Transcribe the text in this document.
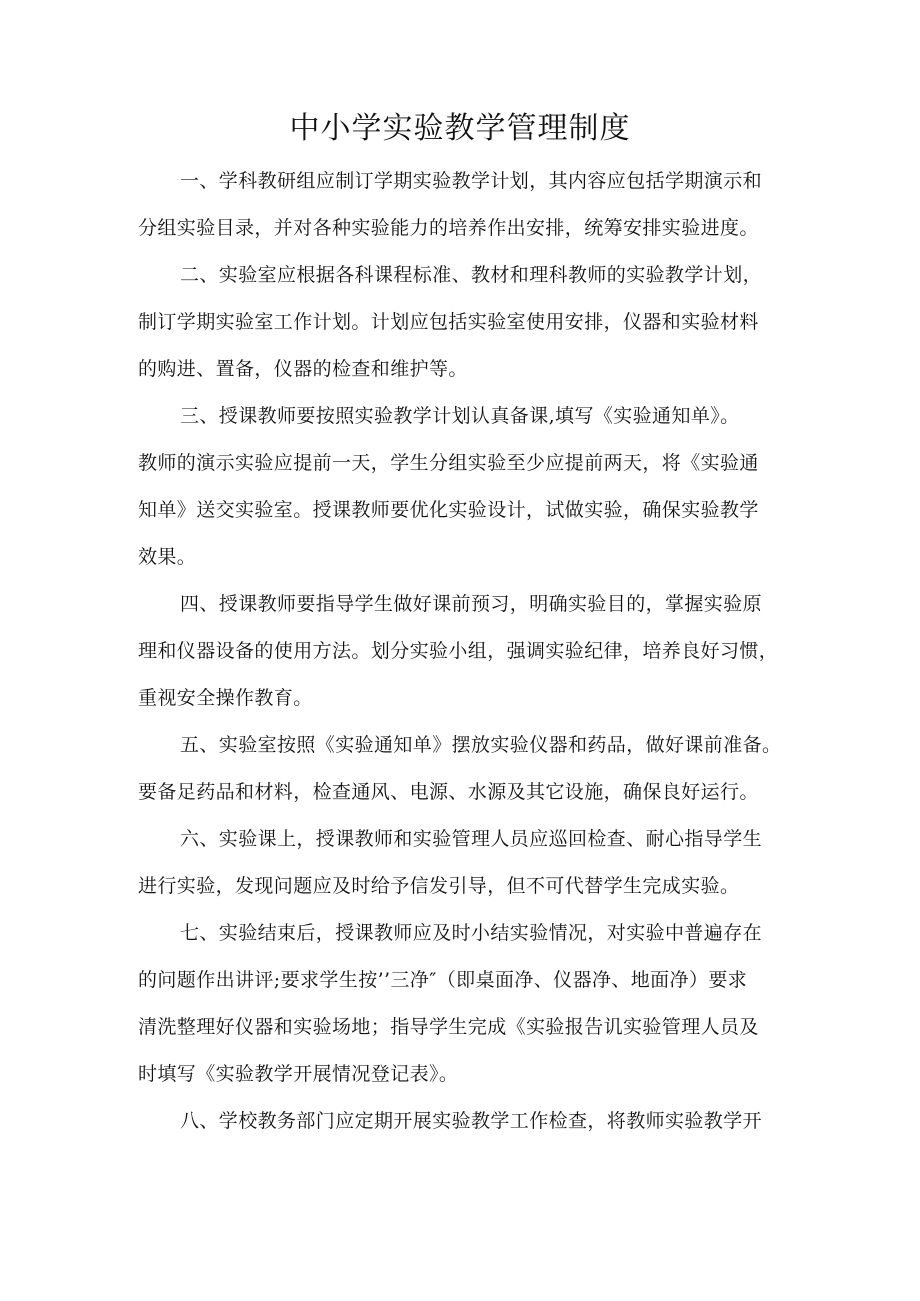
中小学实验教学管理制度
一、学科教研组应制订学期实验教学计划，其内容应包括学期演示和
分组实验目录，并对各种实验能力的培养作出安排，统筹安排实验进度。
二、实验室应根据各科课程标准、教材和理科教师的实验教学计划，
制订学期实验室工作计划。计划应包括实验室使用安排，仪器和实验材料
的购进、置备，仪器的检查和维护等。
三、授课教师要按照实验教学计划认真备课,填写《实验通知单》。
教师的演示实验应提前一天，学生分组实验至少应提前两天，将《实验通
知单》送交实验室。授课教师要优化实验设计，试做实验，确保实验教学
效果。
四、授课教师要指导学生做好课前预习，明确实验目的，掌握实验原
理和仪器设备的使用方法。划分实验小组，强调实验纪律，培养良好习惯，
重视安全操作教育。
五、实验室按照《实验通知单》摆放实验仪器和药品，做好课前准备。
要备足药品和材料，检查通风、电源、水源及其它设施，确保良好运行。
六、实验课上，授课教师和实验管理人员应巡回检查、耐心指导学生
进行实验，发现问题应及时给予信发引导，但不可代替学生完成实验。
七、实验结束后，授课教师应及时小结实验情况，对实验中普遍存在
的问题作出讲评;要求学生按’’三净″（即桌面净、仪器净、地面净）要求
清洗整理好仪器和实验场地；指导学生完成《实验报告讥实验管理人员及
时填写《实验教学开展情况登记表》。
八、学校教务部门应定期开展实验教学工作检查，将教师实验教学开
